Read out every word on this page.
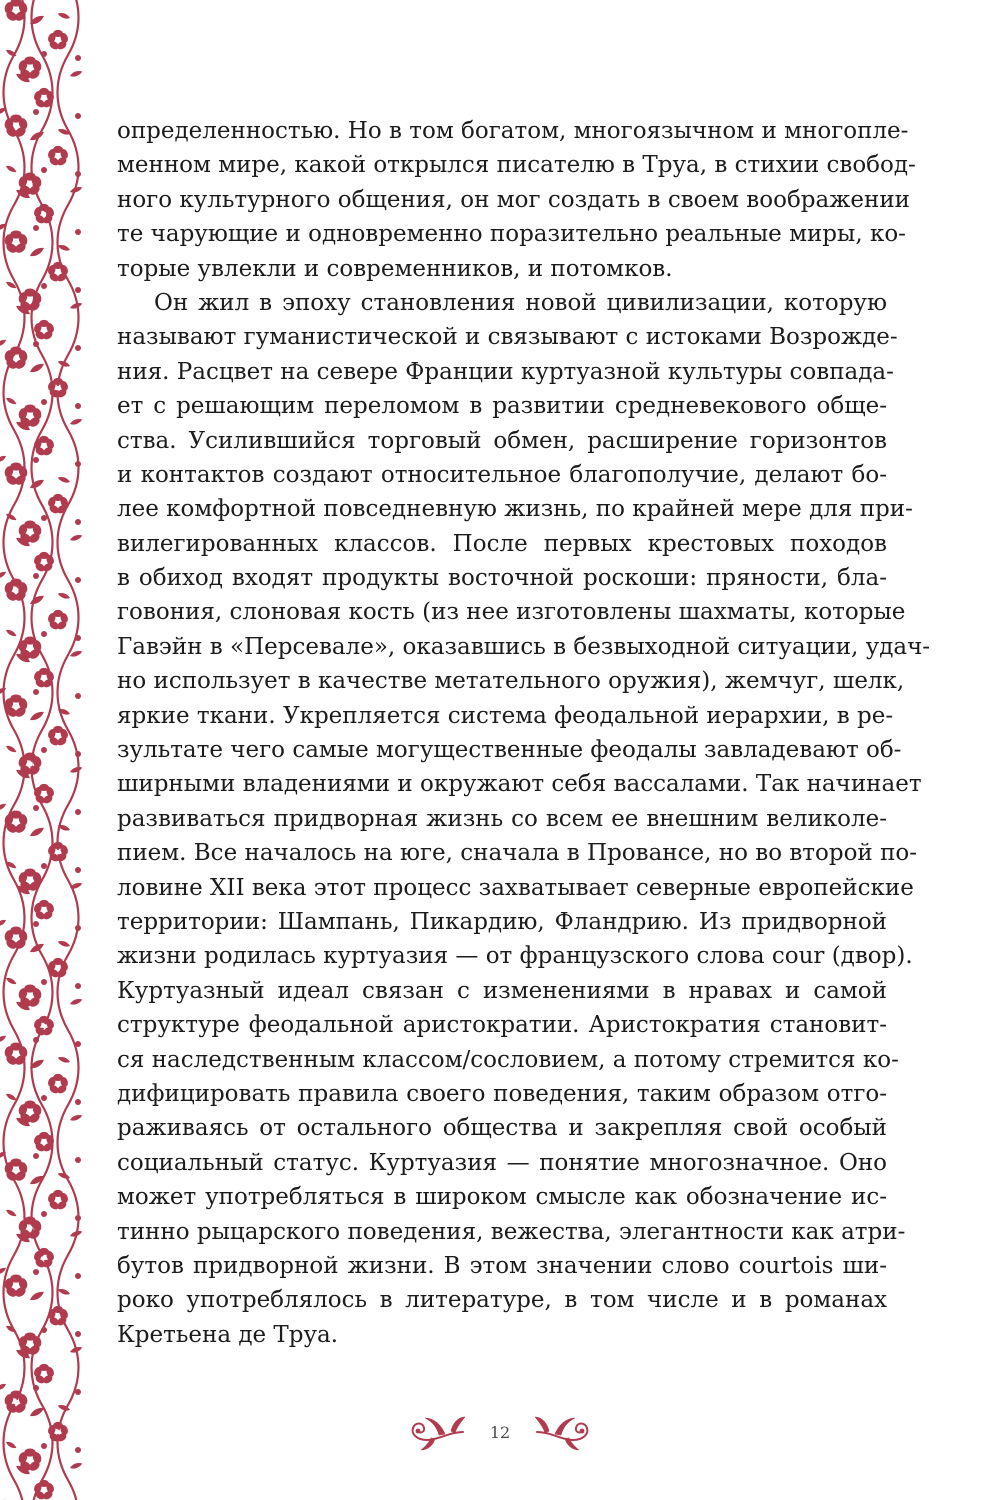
определенностью. Но в том богатом, многоязычном и многопле-
менном мире, какой открылся писателю в Труа, в стихии свобод-
ного культурного общения, он мог создать в своем воображении
те чарующие и одновременно поразительно реальные миры, ко-
торые увлекли и современников, и потомков.
Он жил в эпоху становления новой цивилизации, которую
называют гуманистической и связывают с истоками Возрожде-
ния. Расцвет на севере Франции куртуазной культуры совпада-
ет с решающим переломом в развитии средневекового обще-
ства. Усилившийся торговый обмен, расширение горизонтов
и контактов создают относительное благополучие, делают бо-
лее комфортной повседневную жизнь, по крайней мере для при-
вилегированных классов. После первых крестовых походов
в обиход входят продукты восточной роскоши: пряности, бла-
говония, слоновая кость (из нее изготовлены шахматы, которые
Гавэйн в «Персевале», оказавшись в безвыходной ситуации, удач-
но использует в качестве метательного оружия), жемчуг, шелк,
яркие ткани. Укрепляется система феодальной иерархии, в ре-
зультате чего самые могущественные феодалы завладевают об-
ширными владениями и окружают себя вассалами. Так начинает
развиваться придворная жизнь со всем ее внешним великоле-
пием. Все началось на юге, сначала в Провансе, но во второй по-
ловине XII века этот процесс захватывает северные европейские
территории: Шампань, Пикардию, Фландрию. Из придворной
жизни родилась куртуазия — от французского слова cour (двор).
Куртуазный идеал связан с изменениями в нравах и самой
структуре феодальной аристократии. Аристократия становит-
ся наследственным классом/сословием, а потому стремится ко-
дифицировать правила своего поведения, таким образом отго-
раживаясь от остального общества и закрепляя свой особый
социальный статус. Куртуазия — понятие многозначное. Оно
может употребляться в широком смысле как обозначение ис-
тинно рыцарского поведения, вежества, элегантности как атри-
бутов придворной жизни. В этом значении слово courtois ши-
роко употреблялось в литературе, в том числе и в романах
Кретьена де Труа.
12
